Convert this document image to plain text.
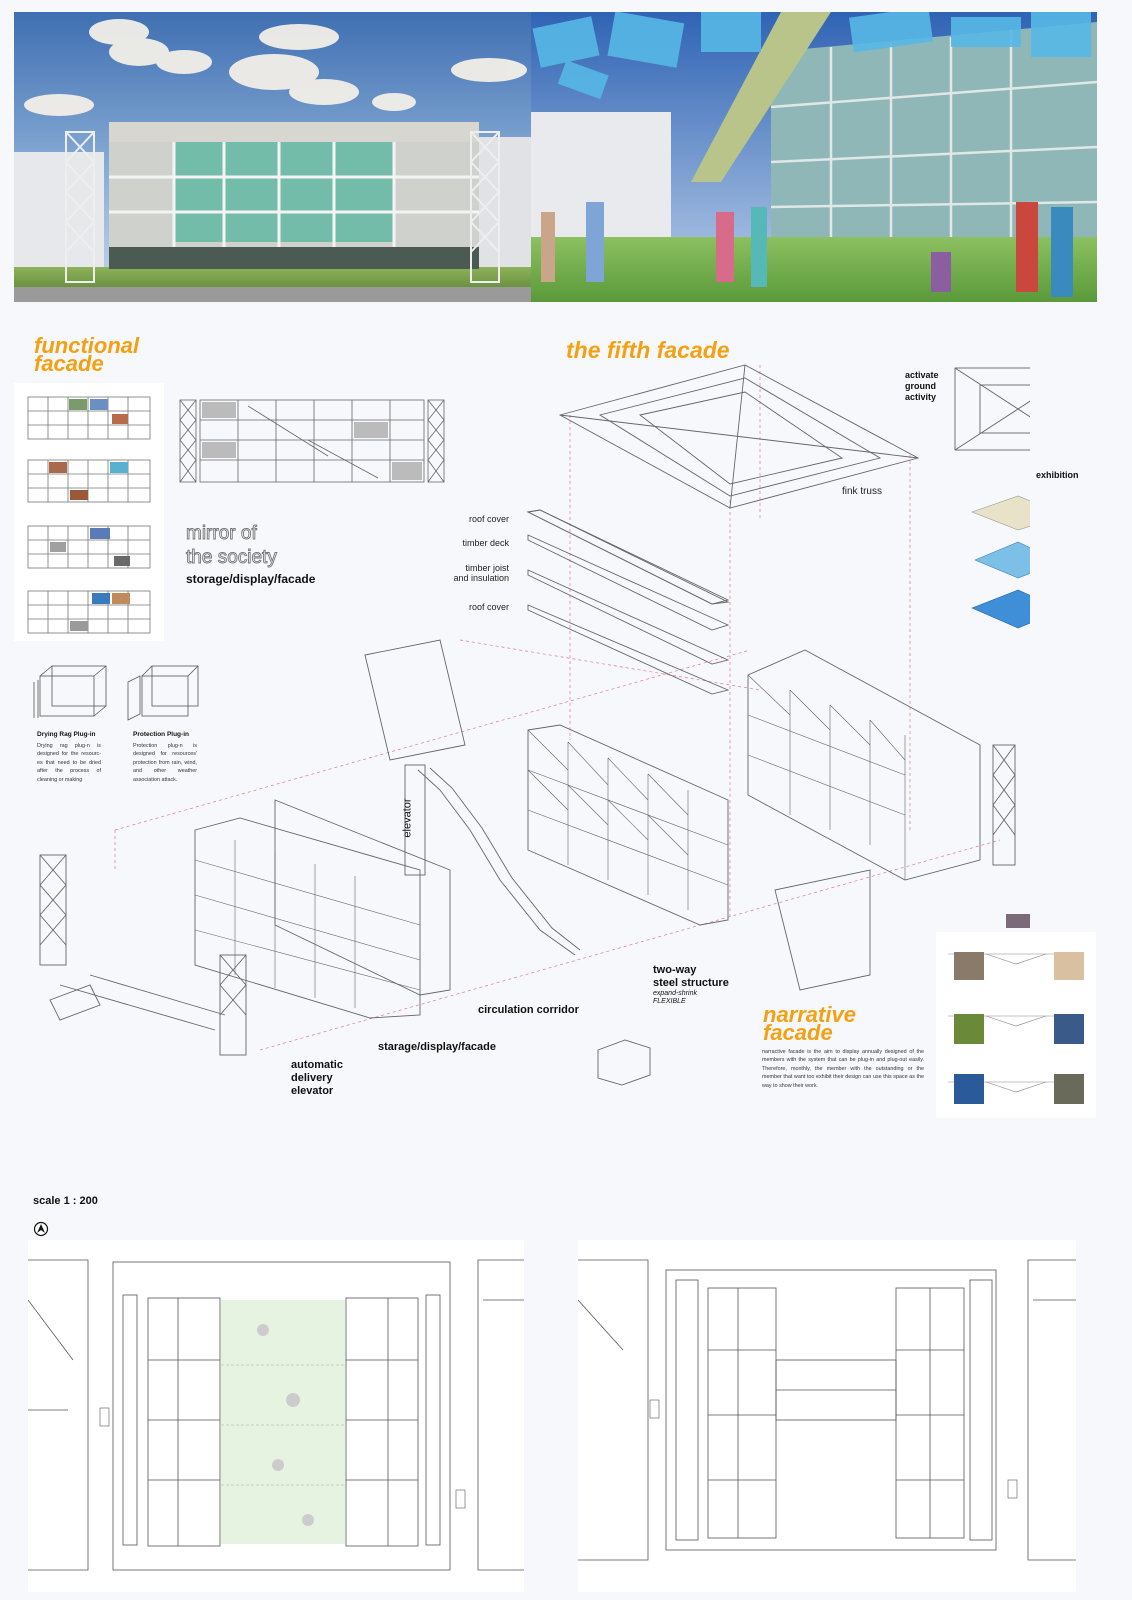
functional
facade
mirror of
the society
storage/display/facade
Drying Rag Plug-in
Drying rag plug-n is designed for the resourc-es that need to be dried after the process of cleaning or making
Protection Plug-in
Protection plug-n is designed for resources' protection from rain, wind, and other weather association attack.
the fifth facade
roof cover
timber deck
timber joist
and insulation
roof cover
fink truss
activate
ground
activity
exhibition
elevator
two-way
steel structure
expand-shrink
FLEXIBLE
circulation corridor
starage/display/facade
automatic
delivery
elevator
narrative
facade
narractive facade is the aim to display annually designed of the members with the system that can be plug-in and plug-out easily. Therefore, monthly, the member with the outstanding or the member that want too exhibit their design can use this space as the way to show their work.
scale 1 : 200
